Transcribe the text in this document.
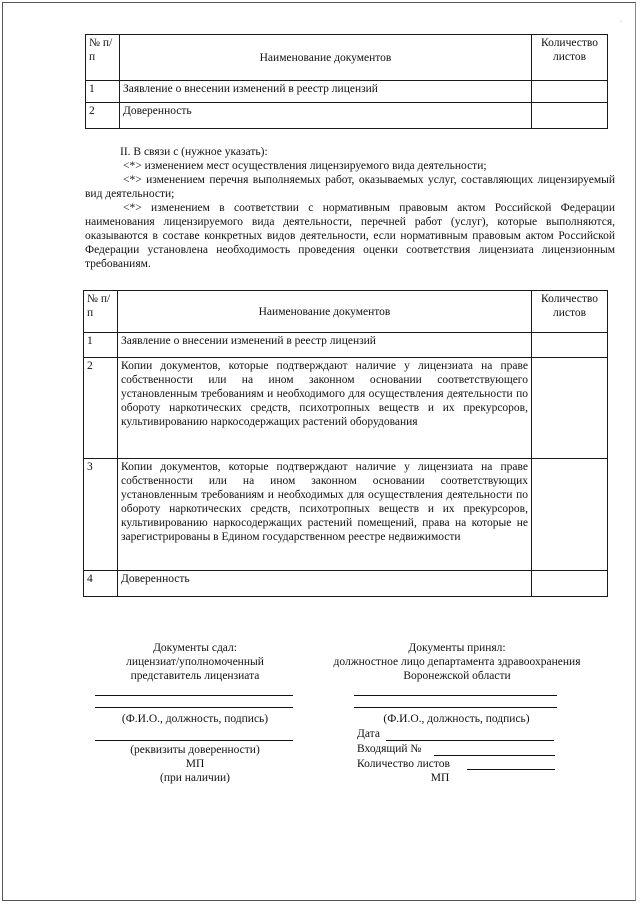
·
№ п/п	Наименование документов	Количество листов
1	Заявление о внесении изменений в реестр лицензий	
2	Доверенность	

II. В связи с (нужное указать):

<*> изменением мест осуществления лицензируемого вида деятельности;

<*> изменением перечня выполняемых работ, оказываемых услуг, составляющих лицензируемый вид деятельности;

<*> изменением в соответствии с нормативным правовым актом Российской Федерации наименования лицензируемого вида деятельности, перечней работ (услуг), которые выполняются, оказываются в составе конкретных видов деятельности, если нормативным правовым актом Российской Федерации установлена необходимость проведения оценки соответствия лицензиата лицензионным требованиям.

№ п/п	Наименование документов	Количество листов
1	Заявление о внесении изменений в реестр лицензий	
2	Копии документов, которые подтверждают наличие у лицензиата на праве собственности или на ином законном основании соответствующего установленным требованиям и необходимого для осуществления деятельности по обороту наркотических средств, психотропных веществ и их прекурсоров, культивированию наркосодержащих растений оборудования	
3	Копии документов, которые подтверждают наличие у лицензиата на праве собственности или на ином законном основании соответствующих установленным требованиям и необходимых для осуществления деятельности по обороту наркотических средств, психотропных веществ и их прекурсоров, культивированию наркосодержащих растений помещений, права на которые не зарегистрированы в Едином государственном реестре недвижимости	
4	Доверенность	
Документы сдал:
лицензиат/уполномоченный
представитель лицензиата
(Ф.И.О., должность, подпись)
(реквизиты доверенности)
МП
(при наличии)
Документы принял:
должностное лицо департамента здравоохранения
Воронежской области
(Ф.И.О., должность, подпись)
Дата
Входящий №
Количество листов
МП
